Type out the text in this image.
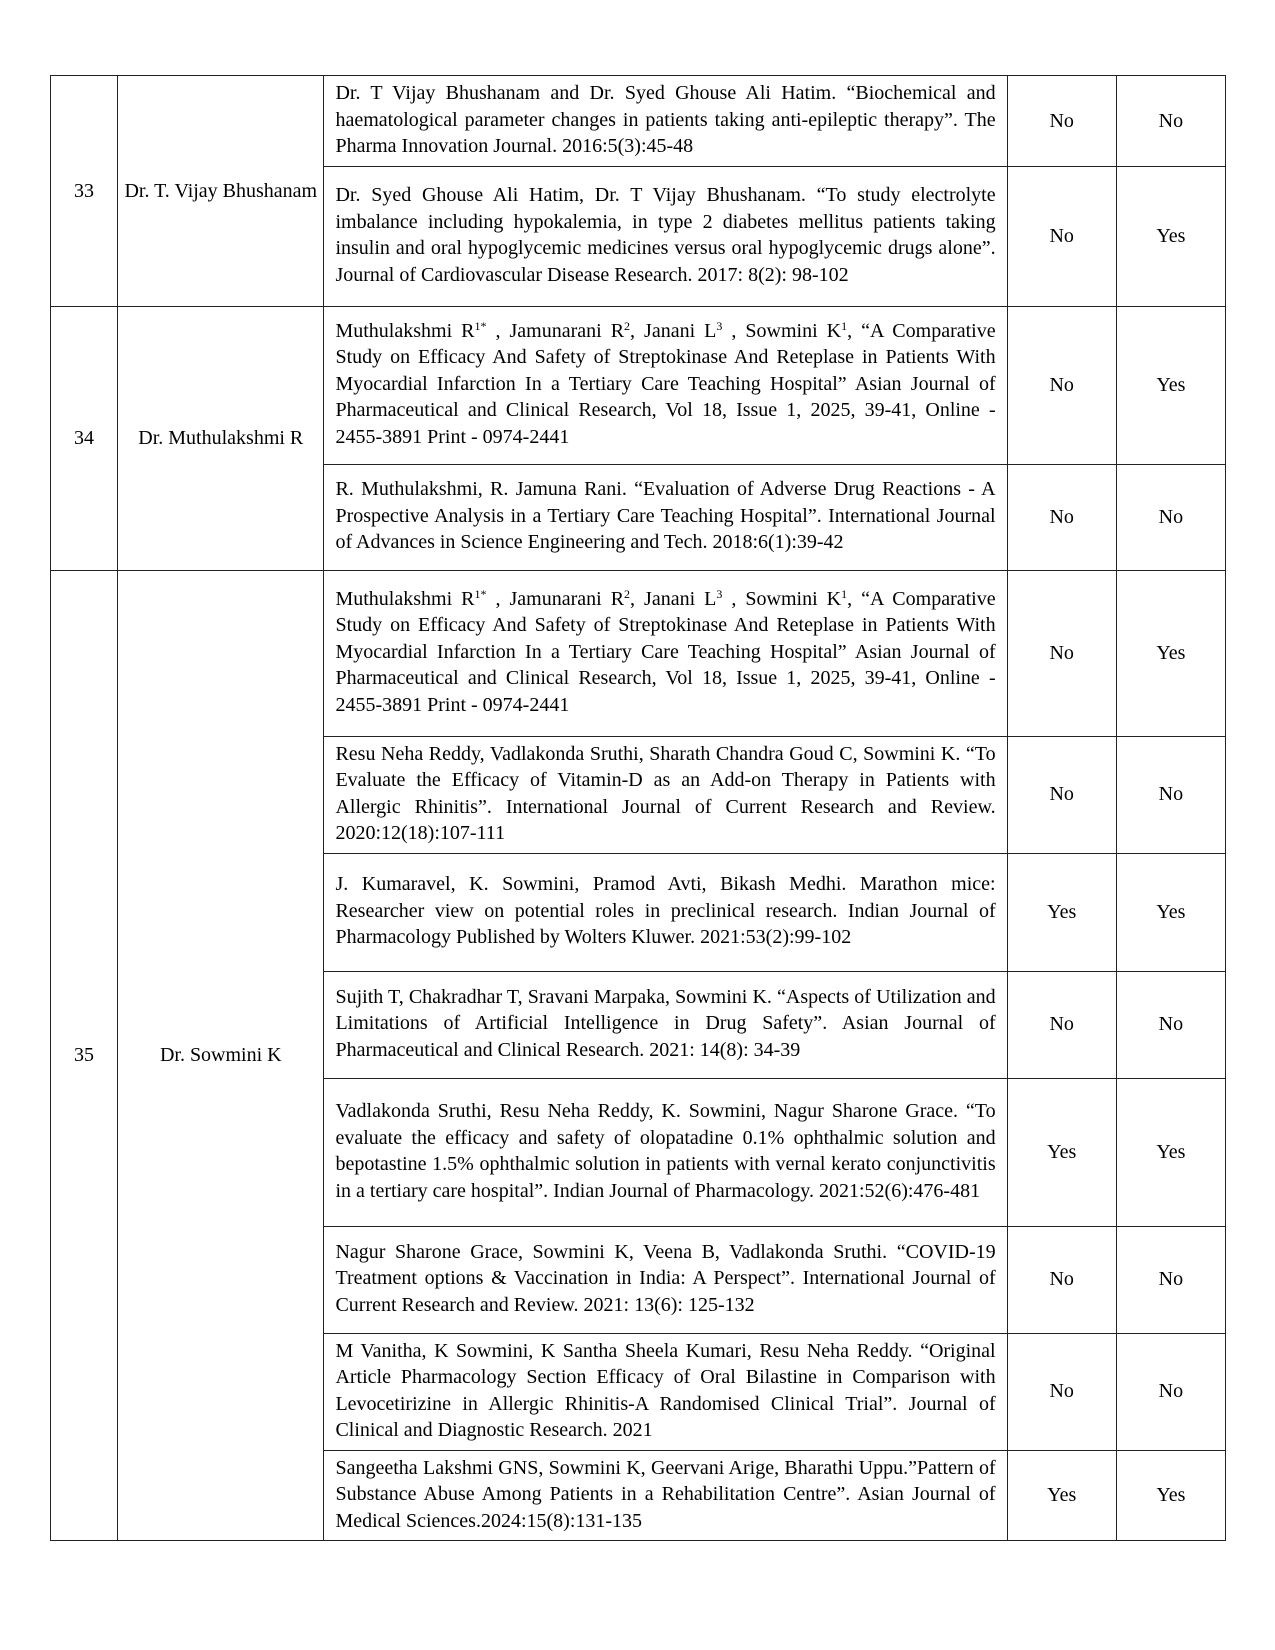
33	Dr. T. Vijay Bhushanam	Dr. T Vijay Bhushanam and Dr. Syed Ghouse Ali Hatim. “Biochemical and haematological parameter changes in patients taking anti-epileptic therapy”. The Pharma Innovation Journal. 2016:5(3):45-48	No	No

		Dr. Syed Ghouse Ali Hatim, Dr. T Vijay Bhushanam. “To study electrolyte imbalance including hypokalemia, in type 2 diabetes mellitus patients taking insulin and oral hypoglycemic medicines versus oral hypoglycemic drugs alone”. Journal of Cardiovascular Disease Research. 2017: 8(2): 98-102	No	Yes
34	Dr. Muthulakshmi R	Muthulakshmi $R^{1*}$ , Jamunarani $R^2$, Janani $L^3$ , Sowmini $K^1$, “A Comparative Study on Efficacy And Safety of Streptokinase And Reteplase in Patients With Myocardial Infarction In a Tertiary Care Teaching Hospital” Asian Journal of Pharmaceutical and Clinical Research, Vol 18, Issue 1, 2025, 39-41, Online - 2455-3891 Print - 0974-2441	No	Yes

		R. Muthulakshmi, R. Jamuna Rani. “Evaluation of Adverse Drug Reactions - A Prospective Analysis in a Tertiary Care Teaching Hospital”. International Journal of Advances in Science Engineering and Tech. 2018:6(1):39-42	No	No
35	Dr. Sowmini K	Muthulakshmi $R^{1*}$ , Jamunarani $R^2$, Janani $L^3$ , Sowmini $K^1$, “A Comparative Study on Efficacy And Safety of Streptokinase And Reteplase in Patients With Myocardial Infarction In a Tertiary Care Teaching Hospital” Asian Journal of Pharmaceutical and Clinical Research, Vol 18, Issue 1, 2025, 39-41, Online - 2455-3891 Print - 0974-2441	No	Yes

		Resu Neha Reddy, Vadlakonda Sruthi, Sharath Chandra Goud C, Sowmini K. “To Evaluate the Efficacy of Vitamin-D as an Add-on Therapy in Patients with Allergic Rhinitis”. International Journal of Current Research and Review. 2020:12(18):107-111	No	No

		J. Kumaravel, K. Sowmini, Pramod Avti, Bikash Medhi. Marathon mice: Researcher view on potential roles in preclinical research. Indian Journal of Pharmacology Published by Wolters Kluwer. 2021:53(2):99-102	Yes	Yes

		Sujith T, Chakradhar T, Sravani Marpaka, Sowmini K. “Aspects of Utilization and Limitations of Artificial Intelligence in Drug Safety”. Asian Journal of Pharmaceutical and Clinical Research. 2021: 14(8): 34-39	No	No

		Vadlakonda Sruthi, Resu Neha Reddy, K. Sowmini, Nagur Sharone Grace. “To evaluate the efficacy and safety of olopatadine 0.1% ophthalmic solution and bepotastine 1.5% ophthalmic solution in patients with vernal kerato conjunctivitis in a tertiary care hospital”. Indian Journal of Pharmacology. 2021:52(6):476-481	Yes	Yes

		Nagur Sharone Grace, Sowmini K, Veena B, Vadlakonda Sruthi. “COVID-19 Treatment options & Vaccination in India: A Perspect”. International Journal of Current Research and Review. 2021: 13(6): 125-132	No	No

		M Vanitha, K Sowmini, K Santha Sheela Kumari, Resu Neha Reddy. “Original Article Pharmacology Section Efficacy of Oral Bilastine in Comparison with Levocetirizine in Allergic Rhinitis-A Randomised Clinical Trial”. Journal of Clinical and Diagnostic Research. 2021	No	No

		Sangeetha Lakshmi GNS, Sowmini K, Geervani Arige, Bharathi Uppu.”Pattern of Substance Abuse Among Patients in a Rehabilitation Centre”. Asian Journal of Medical Sciences.2024:15(8):131-135	Yes	Yes
